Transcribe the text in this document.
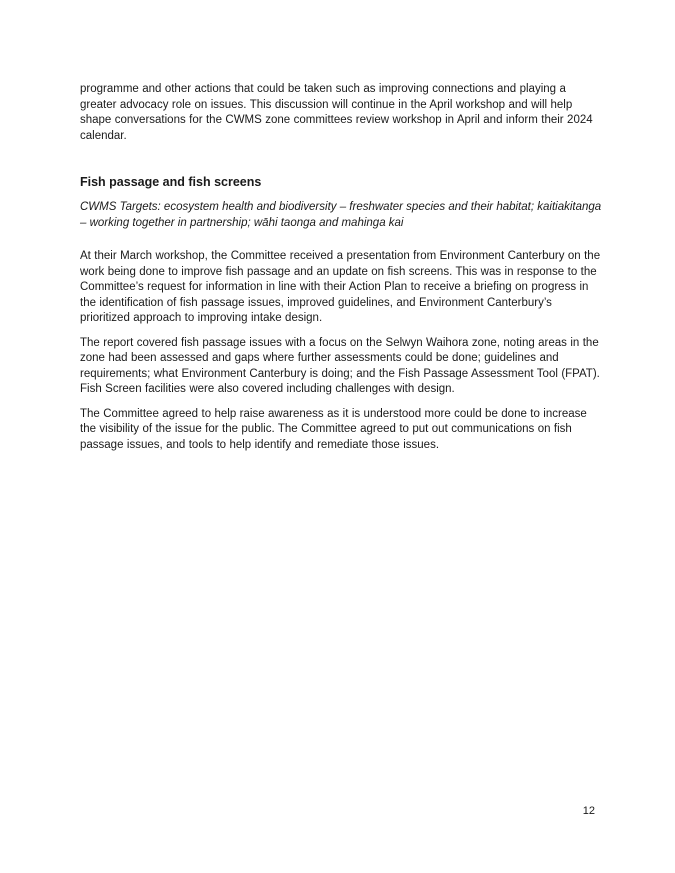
programme and other actions that could be taken such as improving connections and playing a greater advocacy role on issues. This discussion will continue in the April workshop and will help shape conversations for the CWMS zone committees review workshop in April and inform their 2024 calendar.

Fish passage and fish screens

CWMS Targets: ecosystem health and biodiversity – freshwater species and their habitat; kaitiakitanga – working together in partnership; wāhi taonga and mahinga kai

At their March workshop, the Committee received a presentation from Environment Canterbury on the work being done to improve fish passage and an update on fish screens. This was in response to the Committee’s request for information in line with their Action Plan to receive a briefing on progress in the identification of fish passage issues, improved guidelines, and Environment Canterbury’s prioritized approach to improving intake design.

The report covered fish passage issues with a focus on the Selwyn Waihora zone, noting areas in the zone had been assessed and gaps where further assessments could be done; guidelines and requirements; what Environment Canterbury is doing; and the Fish Passage Assessment Tool (FPAT). Fish Screen facilities were also covered including challenges with design.

The Committee agreed to help raise awareness as it is understood more could be done to increase the visibility of the issue for the public. The Committee agreed to put out communications on fish passage issues, and tools to help identify and remediate those issues.

12
